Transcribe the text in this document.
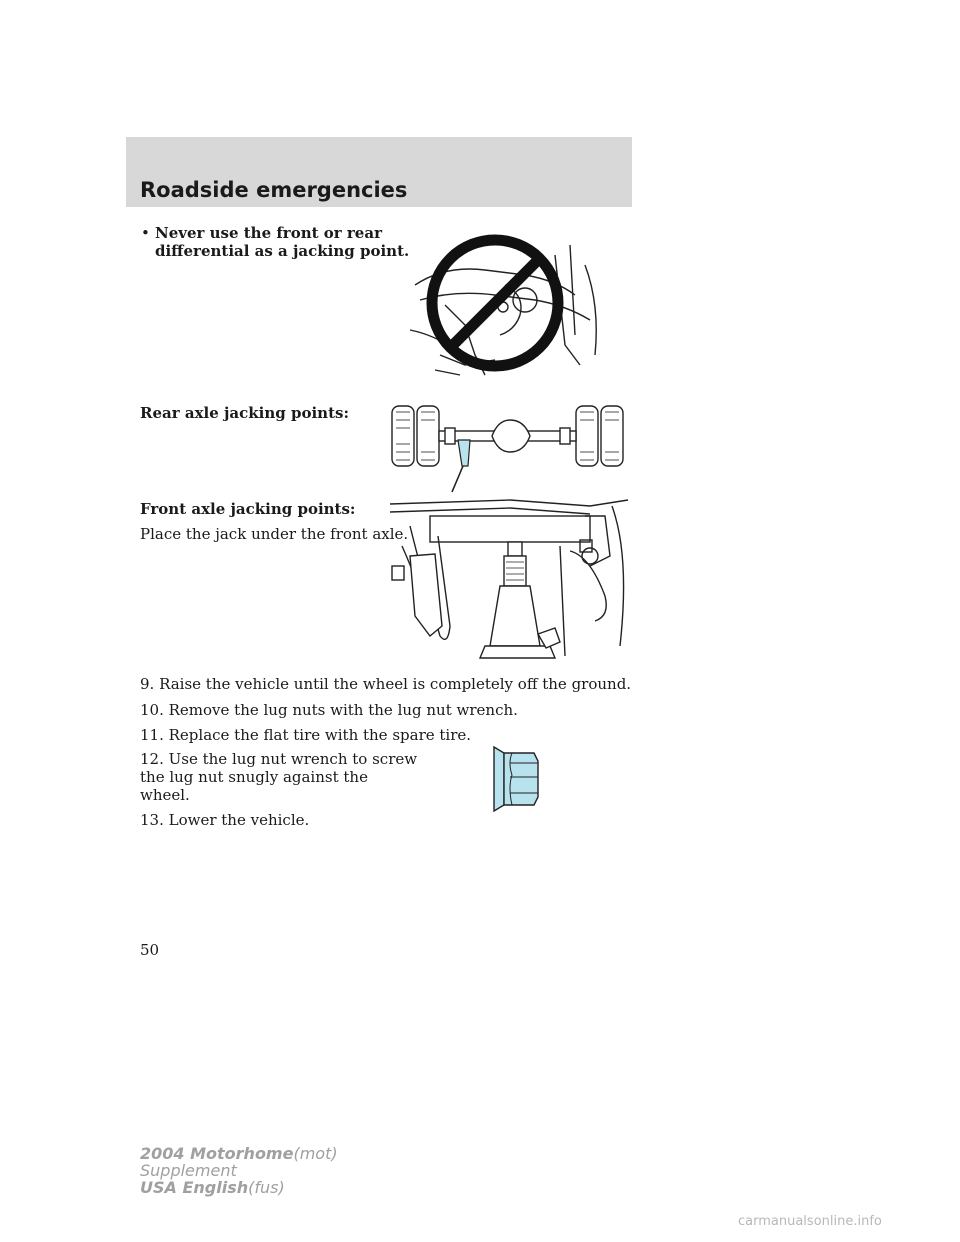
Roadside emergencies
• Never use the front or rear
differential as a jacking point.
Rear axle jacking points:
Front axle jacking points:
Place the jack under the front axle.
9. Raise the vehicle until the wheel is completely off the ground.
10. Remove the lug nuts with the lug nut wrench.
11. Replace the flat tire with the spare tire.
12. Use the lug nut wrench to screw
the lug nut snugly against the
wheel.
13. Lower the vehicle.
50
2004 Motorhome(mot)
Supplement
USA English(fus)
carmanualsonline.info
